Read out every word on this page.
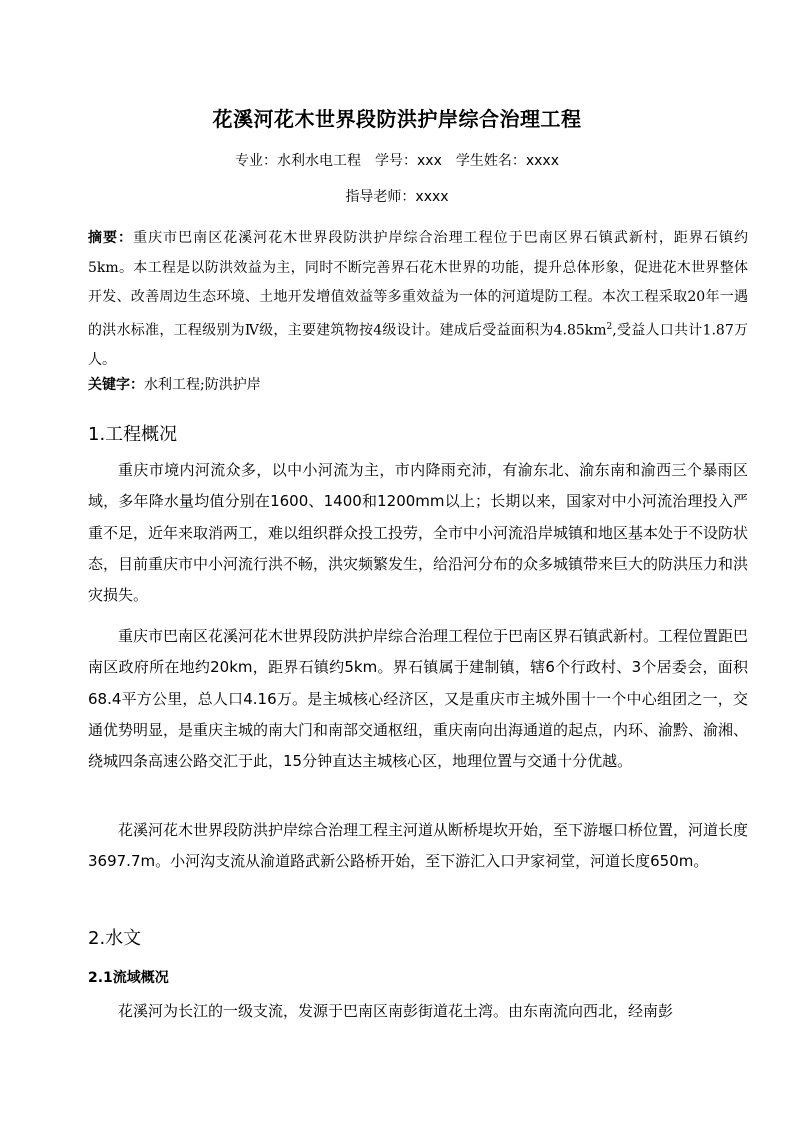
花溪河花木世界段防洪护岸综合治理工程
专业：水利水电工程　学号：xxx　学生姓名：xxxx
指导老师：xxxx
摘要：重庆市巴南区花溪河花木世界段防洪护岸综合治理工程位于巴南区界石镇武新村，距界石镇约5km。本工程是以防洪效益为主，同时不断完善界石花木世界的功能，提升总体形象，促进花木世界整体开发、改善周边生态环境、土地开发增值效益等多重效益为一体的河道堤防工程。本次工程采取20年一遇的洪水标准，工程级别为Ⅳ级，主要建筑物按4级设计。建成后受益面积为$4.85km^2$,受益人口共计1.87万人。
关键字：水利工程;防洪护岸
1.工程概况
重庆市境内河流众多，以中小河流为主，市内降雨充沛，有渝东北、渝东南和渝西三个暴雨区域，多年降水量均值分别在1600、1400和1200mm以上；长期以来，国家对中小河流治理投入严重不足，近年来取消两工，难以组织群众投工投劳，全市中小河流沿岸城镇和地区基本处于不设防状态，目前重庆市中小河流行洪不畅，洪灾频繁发生，给沿河分布的众多城镇带来巨大的防洪压力和洪灾损失。
重庆市巴南区花溪河花木世界段防洪护岸综合治理工程位于巴南区界石镇武新村。工程位置距巴南区政府所在地约20km，距界石镇约5km。界石镇属于建制镇，辖6个行政村、3个居委会，面积68.4平方公里，总人口4.16万。是主城核心经济区，又是重庆市主城外围十一个中心组团之一，交通优势明显，是重庆主城的南大门和南部交通枢纽，重庆南向出海通道的起点，内环、渝黔、渝湘、绕城四条高速公路交汇于此，15分钟直达主城核心区，地理位置与交通十分优越。
花溪河花木世界段防洪护岸综合治理工程主河道从断桥堤坎开始，至下游堰口桥位置，河道长度3697.7m。小河沟支流从渝道路武新公路桥开始，至下游汇入口尹家祠堂，河道长度650m。
2.水文
2.1流域概况
花溪河为长江的一级支流，发源于巴南区南彭街道花土湾。由东南流向西北，经南彭
